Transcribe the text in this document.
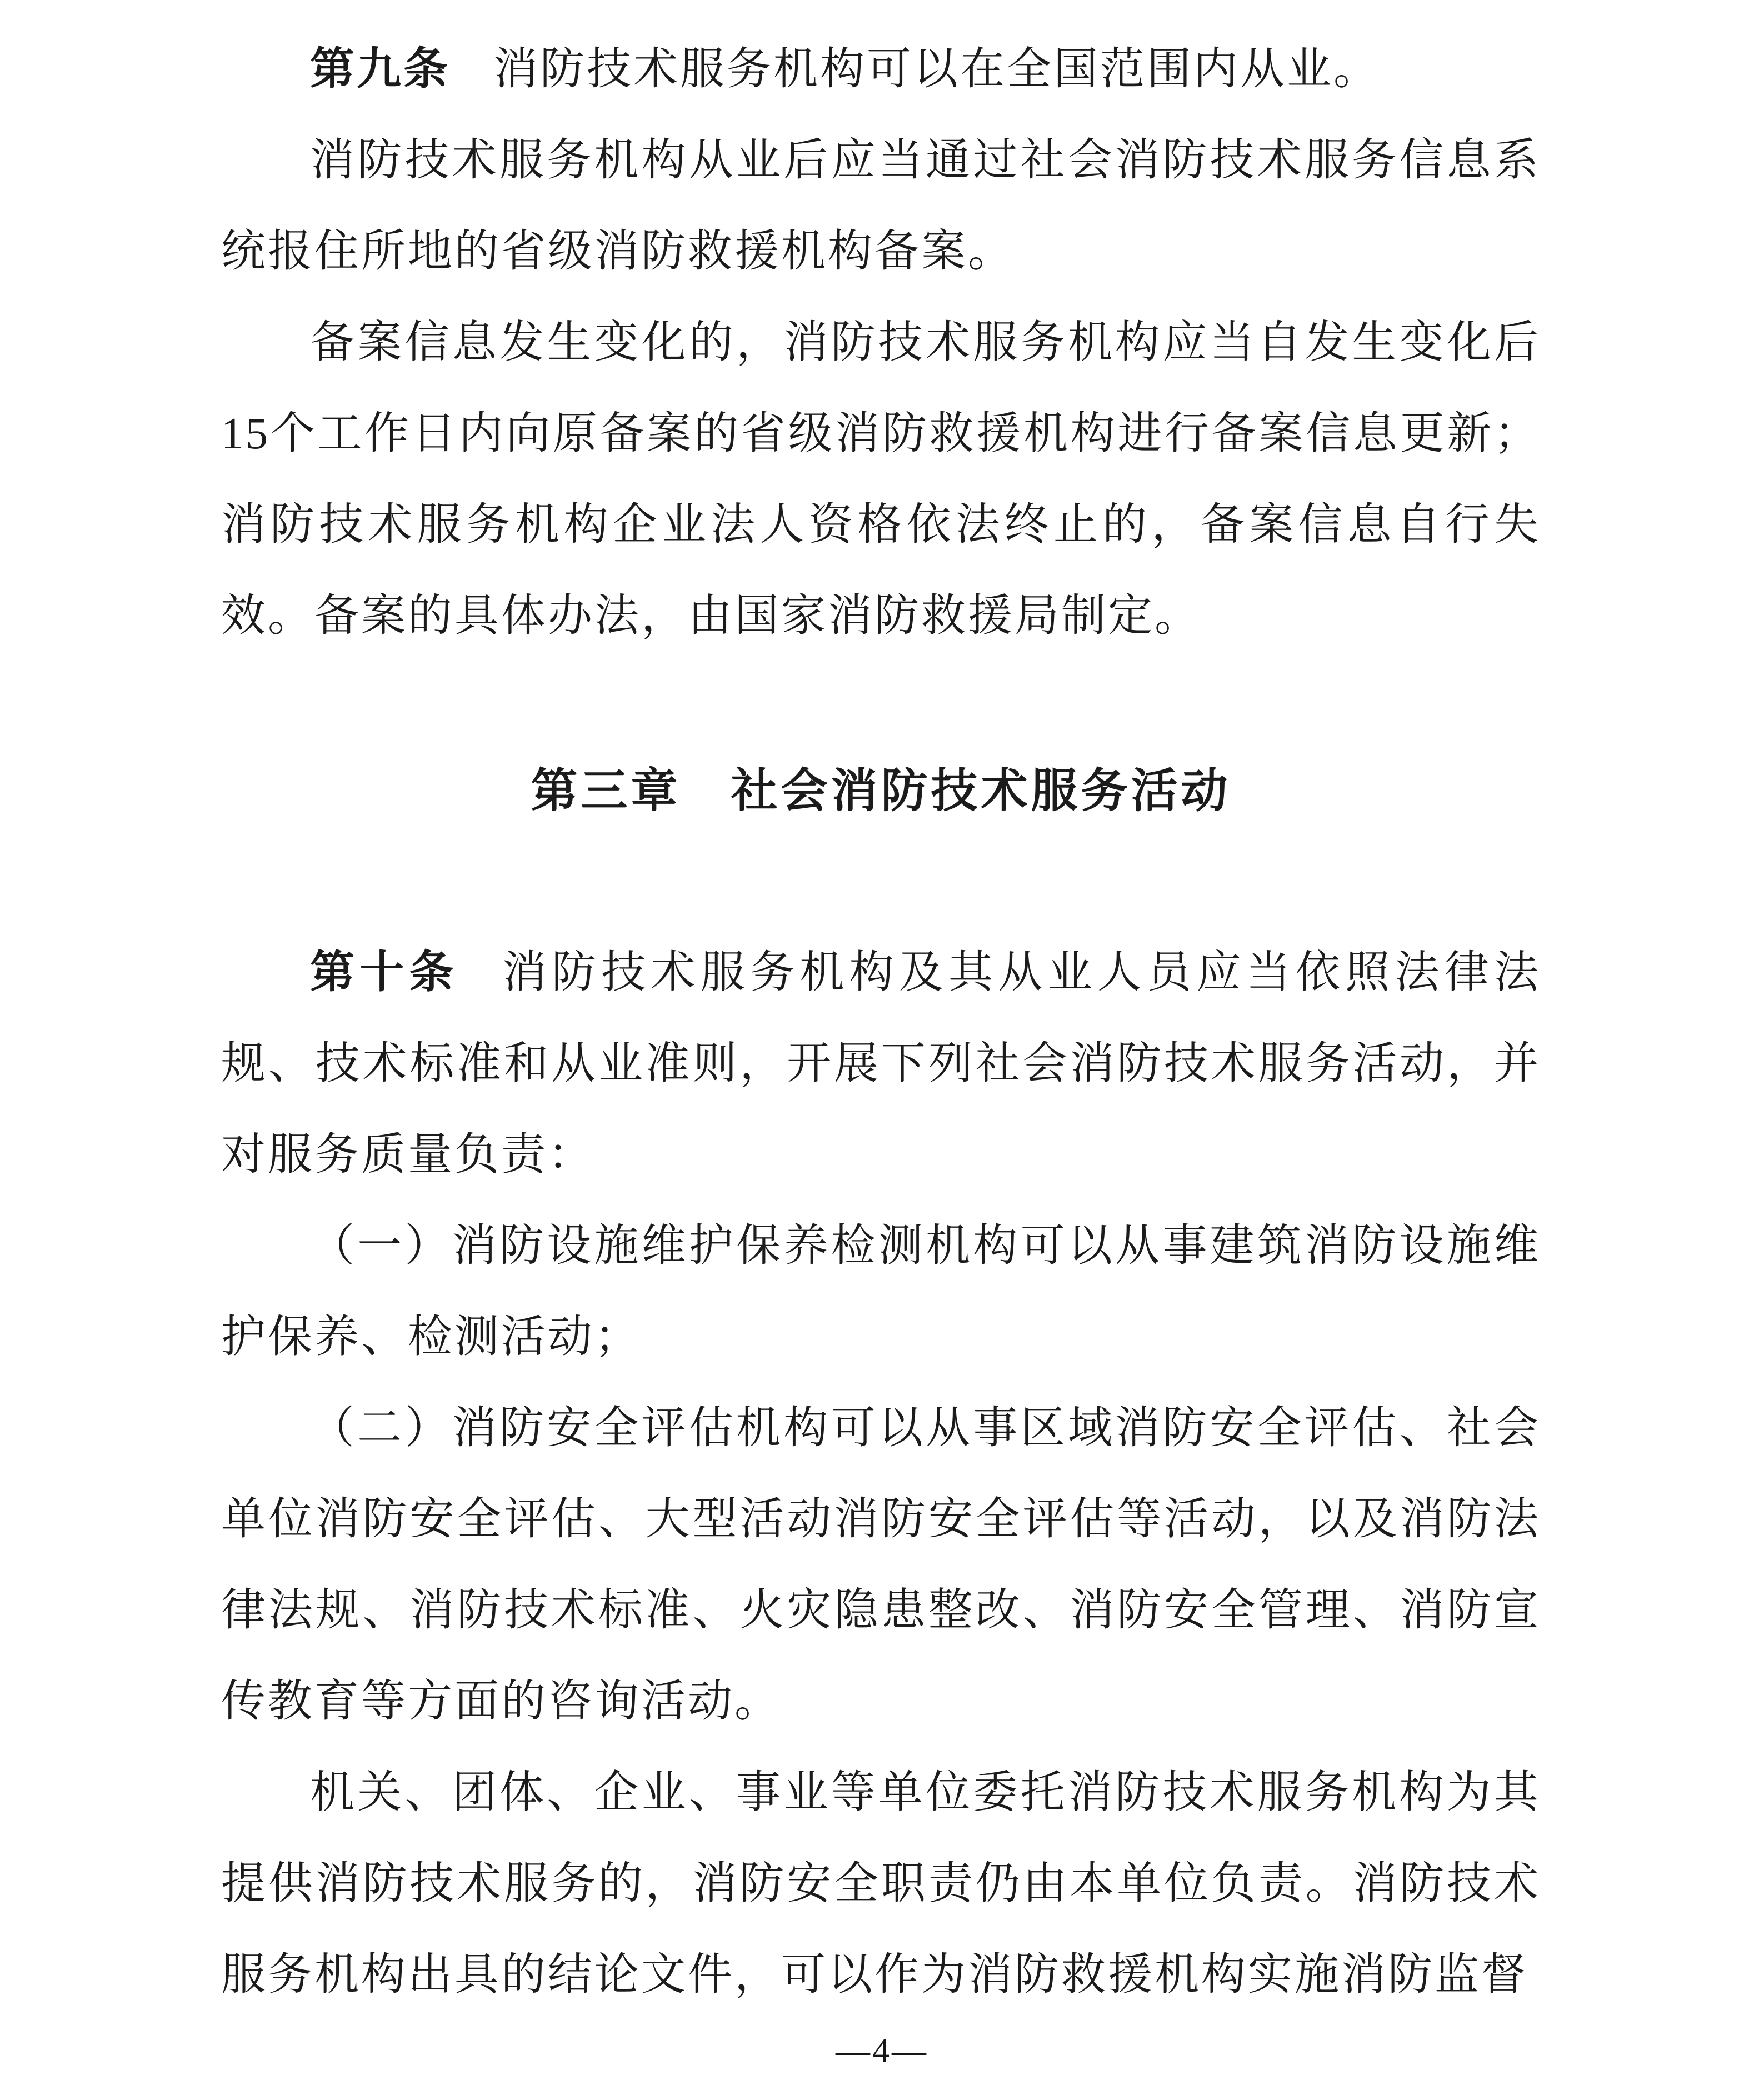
第九条 消防技术服务机构可以在全国范围内从业。

消防技术服务机构从业后应当通过社会消防技术服务信息系统报住所地的省级消防救援机构备案。

备案信息发生变化的，消防技术服务机构应当自发生变化后15个工作日内向原备案的省级消防救援机构进行备案信息更新；消防技术服务机构企业法人资格依法终止的，备案信息自行失效。备案的具体办法，由国家消防救援局制定。

第三章　社会消防技术服务活动

第十条 消防技术服务机构及其从业人员应当依照法律法规、技术标准和从业准则，开展下列社会消防技术服务活动，并对服务质量负责：

（一）消防设施维护保养检测机构可以从事建筑消防设施维护保养、检测活动；

（二）消防安全评估机构可以从事区域消防安全评估、社会单位消防安全评估、大型活动消防安全评估等活动，以及消防法律法规、消防技术标准、火灾隐患整改、消防安全管理、消防宣传教育等方面的咨询活动。

机关、团体、企业、事业等单位委托消防技术服务机构为其提供消防技术服务的，消防安全职责仍由本单位负责。消防技术服务机构出具的结论文件，可以作为消防救援机构实施消防监督

—4—
